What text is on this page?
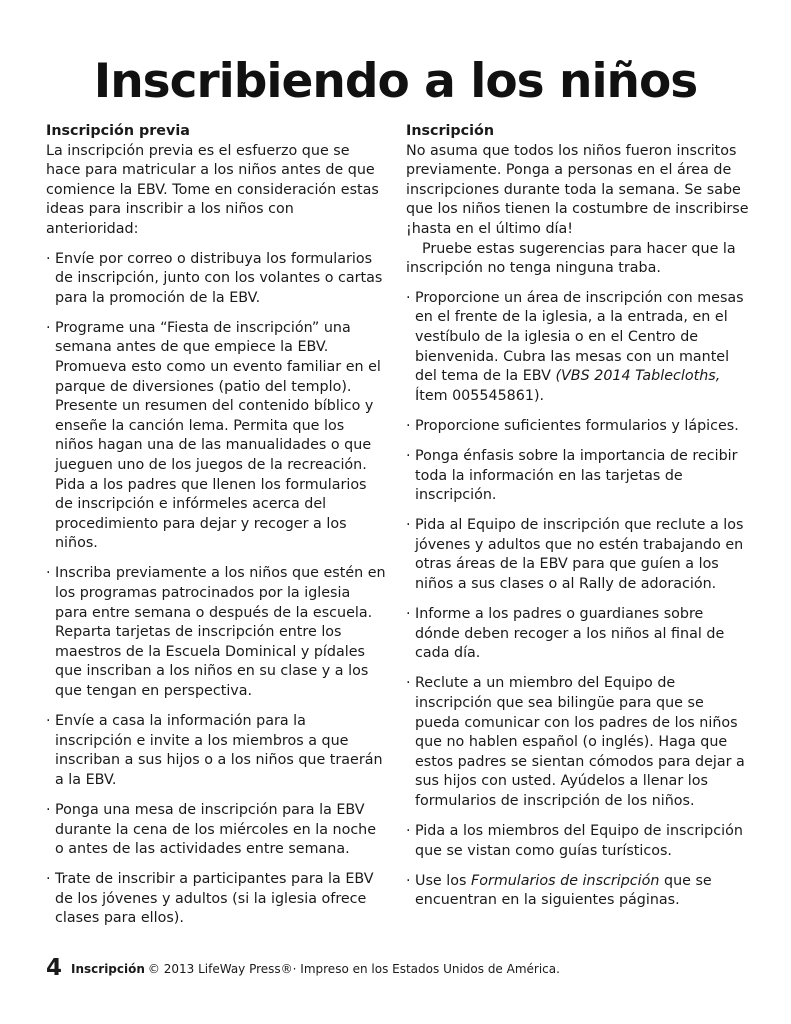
Inscribiendo a los niños

Inscripción previa

La inscripción previa es el esfuerzo que se hace para matricular a los niños antes de que comience la EBV. Tome en consideración estas ideas para inscribir a los niños con anterioridad:

· Envíe por correo o distribuya los formularios de inscripción, junto con los volantes o cartas para la promoción de la EBV.
· Programe una “Fiesta de inscripción” una semana antes de que empiece la EBV. Promueva esto como un evento familiar en el parque de diversiones (patio del templo). Presente un resumen del contenido bíblico y enseñe la canción lema. Permita que los niños hagan una de las manualidades o que jueguen uno de los juegos de la recreación. Pida a los padres que llenen los formularios de inscripción e infórmeles acerca del procedimiento para dejar y recoger a los niños.
· Inscriba previamente a los niños que estén en los programas patrocinados por la iglesia para entre semana o después de la escuela. Reparta tarjetas de inscripción entre los maestros de la Escuela Dominical y pídales que inscriban a los niños en su clase y a los que tengan en perspectiva.
· Envíe a casa la información para la inscripción e invite a los miembros a que inscriban a sus hijos o a los niños que traerán a la EBV.
· Ponga una mesa de inscripción para la EBV durante la cena de los miércoles en la noche o antes de las actividades entre semana.
· Trate de inscribir a participantes para la EBV de los jóvenes y adultos (si la iglesia ofrece clases para ellos).

Inscripción

No asuma que todos los niños fueron inscritos previamente. Ponga a personas en el área de inscripciones durante toda la semana. Se sabe que los niños tienen la costumbre de inscribirse ¡hasta en el último día!

Pruebe estas sugerencias para hacer que la inscripción no tenga ninguna traba.

· Proporcione un área de inscripción con mesas en el frente de la iglesia, a la entrada, en el vestíbulo de la iglesia o en el Centro de bienvenida. Cubra las mesas con un mantel del tema de la EBV (VBS 2014 Tablecloths, Ítem 005545861).
· Proporcione suficientes formularios y lápices.
· Ponga énfasis sobre la importancia de recibir toda la información en las tarjetas de inscripción.
· Pida al Equipo de inscripción que reclute a los jóvenes y adultos que no estén trabajando en otras áreas de la EBV para que guíen a los niños a sus clases o al Rally de adoración.
· Informe a los padres o guardianes sobre dónde deben recoger a los niños al final de cada día.
· Reclute a un miembro del Equipo de inscripción que sea bilingüe para que se pueda comunicar con los padres de los niños que no hablen español (o inglés). Haga que estos padres se sientan cómodos para dejar a sus hijos con usted. Ayúdelos a llenar los formularios de inscripción de los niños.
· Pida a los miembros del Equipo de inscripción que se vistan como guías turísticos.
· Use los Formularios de inscripción que se encuentran en la siguientes páginas.
4 Inscripción © 2013 LifeWay Press®· Impreso en los Estados Unidos de América.
